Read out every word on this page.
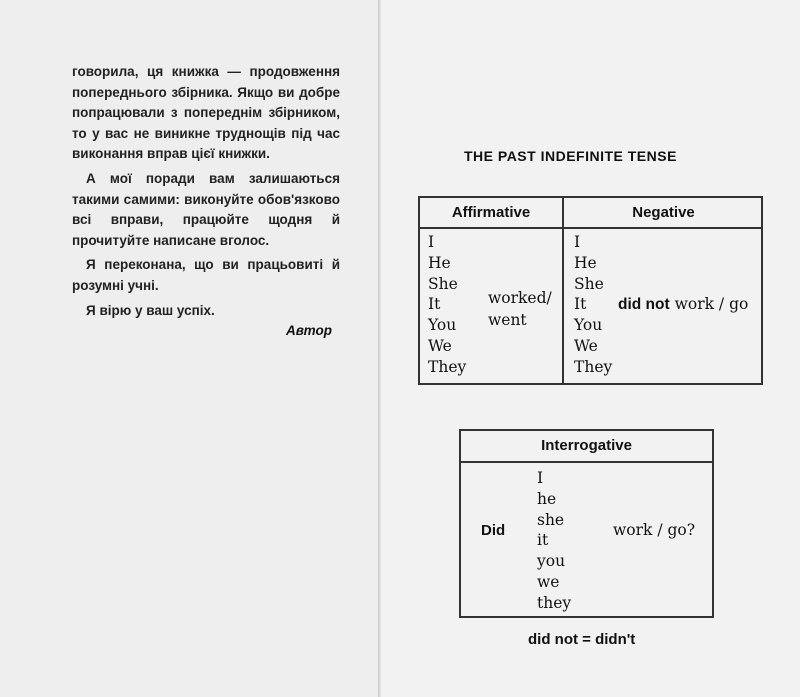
говорила, ця книжка — продовження попереднього збірника. Якщо ви добре попрацювали з попереднім збірником, то у вас не виникне труднощів під час виконання вправ цієї книжки.

А мої поради вам залишаються такими самими: виконуйте обов'язково всі вправи, працюйте щодня й прочитуйте написане вголос.

Я переконана, що ви працьовиті й розумні учні.

Я вірю у ваш успіх.

Автор
THE PAST INDEFINITE TENSE
Affirmative	Negative
I
He
She
It
You
We
They
worked/
went
I
He
She
It
You
We
They
did not work / go
Interrogative
Did
I
he
she
it
you
we
they
work / go?
did not = didn't
